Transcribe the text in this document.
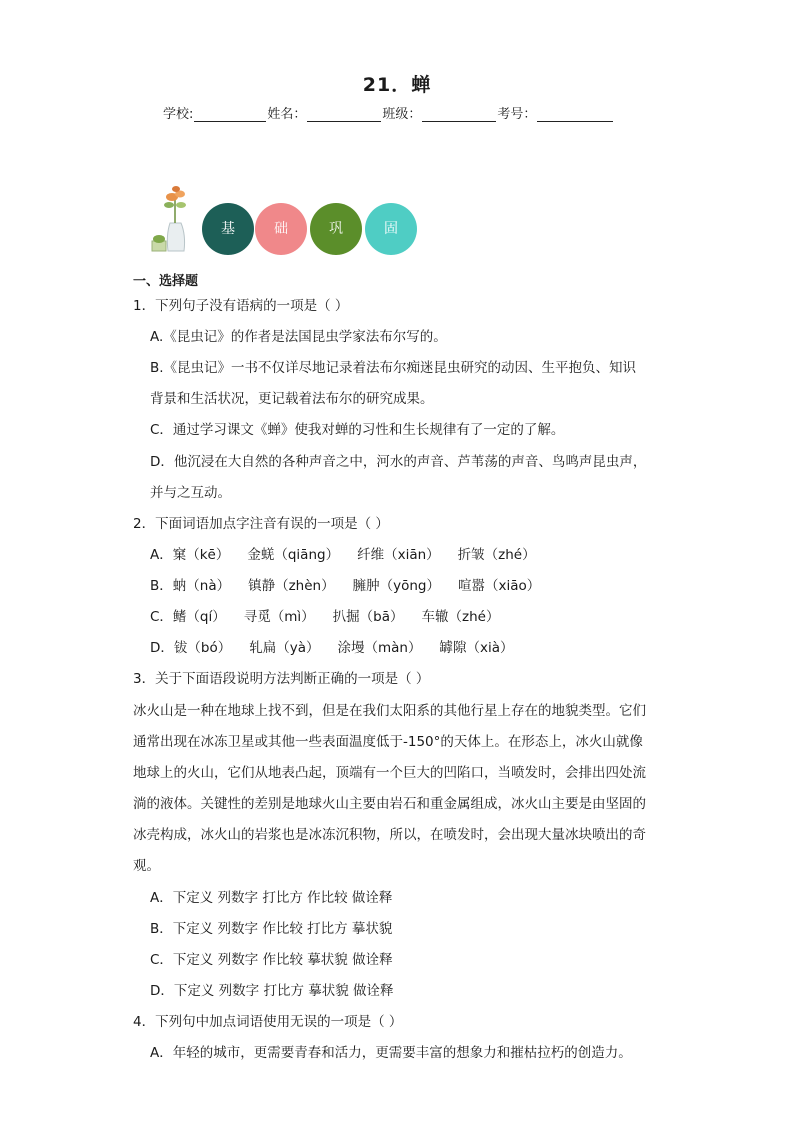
21．蝉
学校:	姓名：	班级：	考号：
基	础	巩	固
一、选择题
1．下列句子没有语病的一项是（ ）
A.《昆虫记》的作者是法国昆虫学家法布尔写的。
B.《昆虫记》一书不仅详尽地记录着法布尔痴迷昆虫研究的动因、生平抱负、知识
背景和生活状况，更记载着法布尔的研究成果。
C．通过学习课文《蝉》使我对蝉的习性和生长规律有了一定的了解。
D．他沉浸在大自然的各种声音之中，河水的声音、芦苇荡的声音、鸟鸣声昆虫声，
并与之互动。
2．下面词语加点字注音有误的一项是（ ）
A．窠（kē） 金蜣（qiāng） 纤维（xiān） 折皱（zhé）
B．蚋（nà） 镇静（zhèn） 臃肿（yōng） 喧嚣（xiāo）
C．鳍（qí） 寻觅（mì） 扒掘（bā） 车辙（zhé）
D．钹（bó） 轧扁（yà） 涂墁（màn） 罅隙（xià）
3．关于下面语段说明方法判断正确的一项是（ ）
冰火山是一种在地球上找不到，但是在我们太阳系的其他行星上存在的地貌类型。它们
通常出现在冰冻卫星或其他一些表面温度低于-150°的天体上。在形态上，冰火山就像
地球上的火山，它们从地表凸起，顶端有一个巨大的凹陷口，当喷发时，会排出四处流
淌的液体。关键性的差别是地球火山主要由岩石和重金属组成，冰火山主要是由坚固的
冰壳构成，冰火山的岩浆也是冰冻沉积物，所以，在喷发时，会出现大量冰块喷出的奇
观。
A．下定义 列数字 打比方 作比较 做诠释
B．下定义 列数字 作比较 打比方 摹状貌
C．下定义 列数字 作比较 摹状貌 做诠释
D．下定义 列数字 打比方 摹状貌 做诠释
4．下列句中加点词语使用无误的一项是（ ）
A．年轻的城市，更需要青春和活力，更需要丰富的想象力和摧枯拉朽的创造力。
